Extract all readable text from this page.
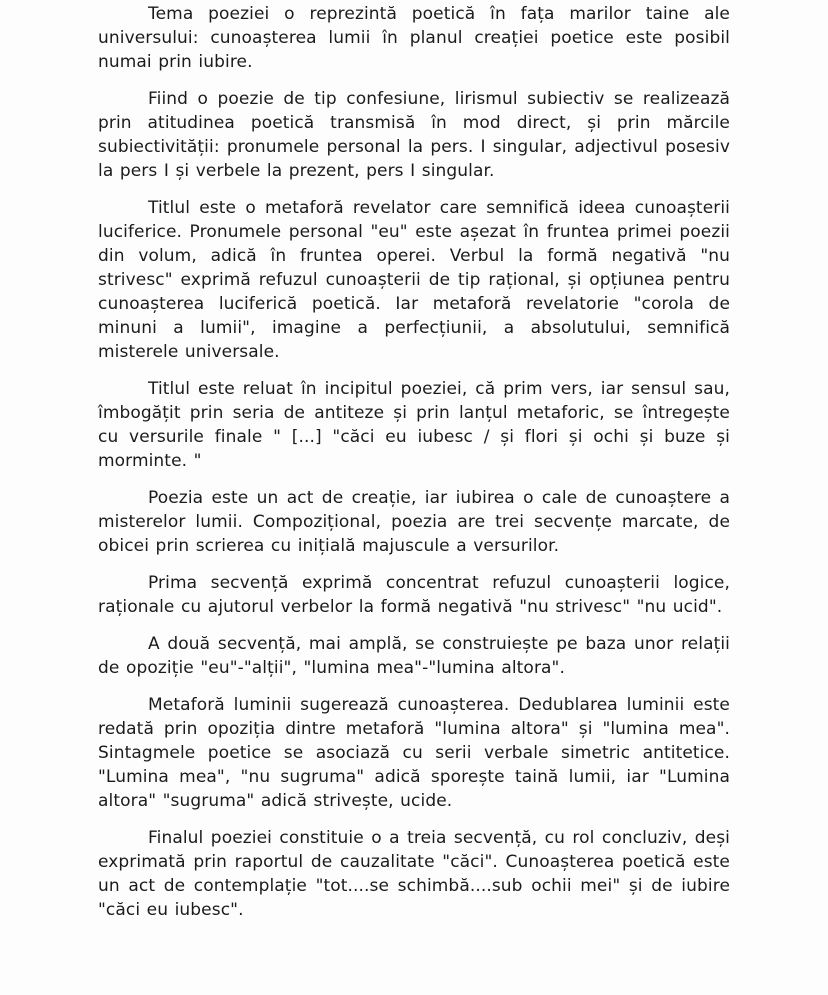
Tema poeziei o reprezintă poetică în fața marilor taine ale universului: cunoașterea lumii în planul creației poetice este posibil numai prin iubire.

Fiind o poezie de tip confesiune, lirismul subiectiv se realizează prin atitudinea poetică transmisă în mod direct, și prin mărcile subiectivității: pronumele personal la pers. I singular, adjectivul posesiv la pers I și verbele la prezent, pers I singular.

Titlul este o metaforă revelator care semnifică ideea cunoașterii luciferice. Pronumele personal "eu" este așezat în fruntea primei poezii din volum, adică în fruntea operei. Verbul la formă negativă "nu strivesc" exprimă refuzul cunoașterii de tip rațional, și opțiunea pentru cunoașterea luciferică poetică. Iar metaforă revelatorie "corola de minuni a lumii", imagine a perfecțiunii, a absolutului, semnifică misterele universale.

Titlul este reluat în incipitul poeziei, că prim vers, iar sensul sau, îmbogățit prin seria de antiteze și prin lanțul metaforic, se întregește cu versurile finale " [...] "căci eu iubesc / și flori și ochi și buze și morminte. "

Poezia este un act de creație, iar iubirea o cale de cunoaștere a misterelor lumii. Compozițional, poezia are trei secvențe marcate, de obicei prin scrierea cu inițială majuscule a versurilor.

Prima secvență exprimă concentrat refuzul cunoașterii logice, raționale cu ajutorul verbelor la formă negativă "nu strivesc" "nu ucid".

A două secvență, mai amplă, se construiește pe baza unor relații de opoziție "eu"-"alții", "lumina mea"-"lumina altora".

Metaforă luminii sugerează cunoașterea. Dedublarea luminii este redată prin opoziția dintre metaforă "lumina altora" și "lumina mea". Sintagmele poetice se asociază cu serii verbale simetric antitetice. "Lumina mea", "nu sugruma" adică sporește taină lumii, iar "Lumina altora" "sugruma" adică strivește, ucide.

Finalul poeziei constituie o a treia secvență, cu rol concluziv, deși exprimată prin raportul de cauzalitate "căci". Cunoașterea poetică este un act de contemplație "tot....se schimbă....sub ochii mei" și de iubire "căci eu iubesc".
